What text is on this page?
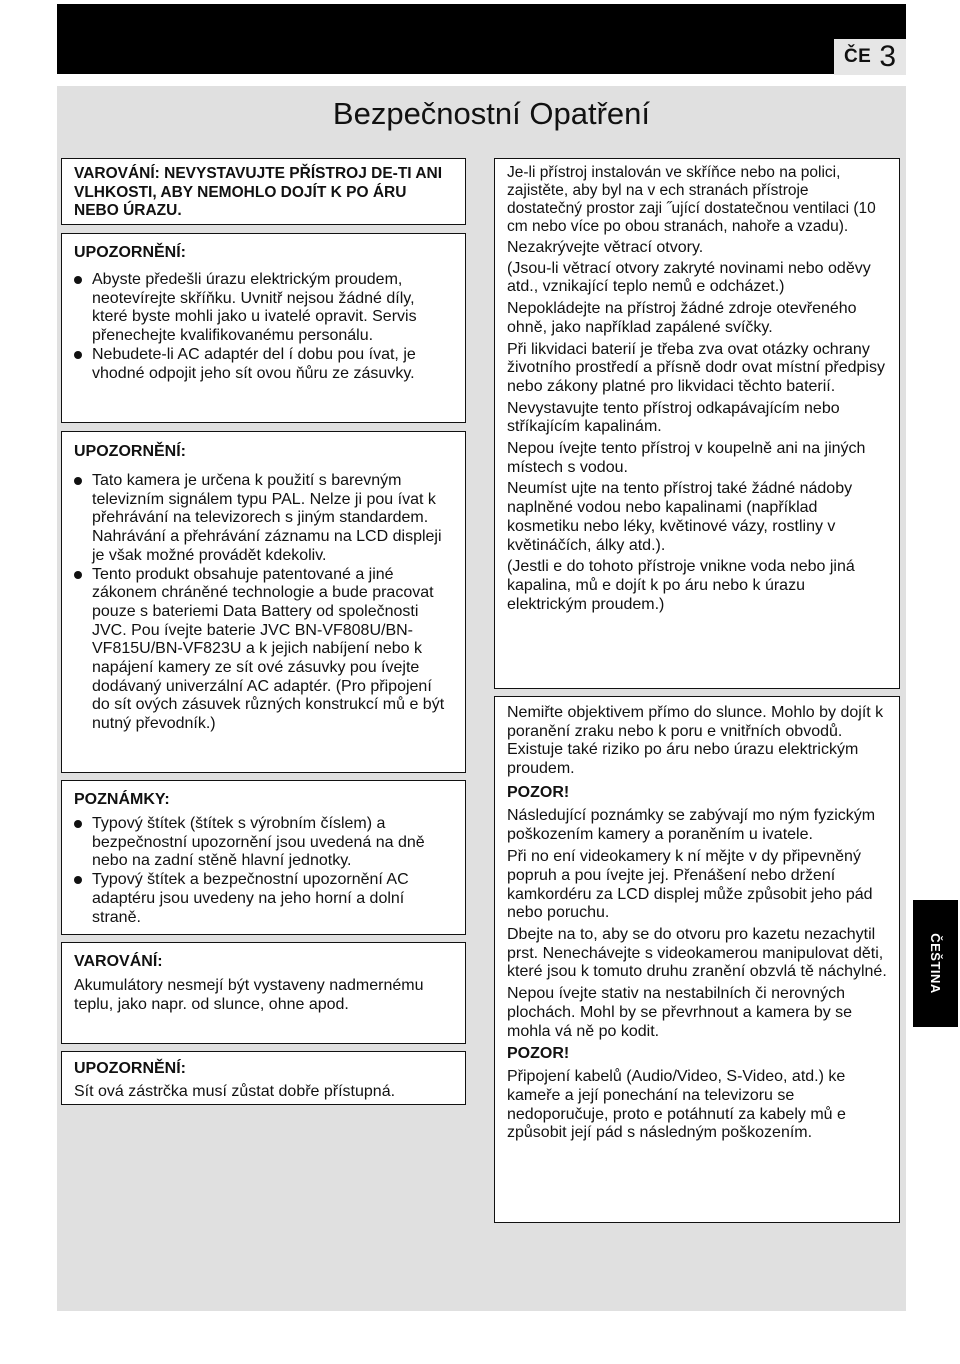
ČE 3
Bezpečnostní Opatření

VAROVÁNÍ: NEVYSTAVUJTE PŘÍSTROJ DE-TI ANI VLHKOSTI, ABY NEMOHLO DOJÍT K PO ÁRU NEBO ÚRAZU.

UPOZORNĚNÍ:
Abyste předešli úrazu elektrickým proudem, neotevírejte skříňku. Uvnitř nejsou žádné díly, které byste mohli jako u ivatelé opravit. Servis přenechejte kvalifikovanému personálu.
Nebudete-li AC adaptér del í dobu pou ívat, je vhodné odpojit jeho sít ovou ňůru ze zásuvky.
UPOZORNĚNÍ:
Tato kamera je určena k použití s barevným televizním signálem typu PAL. Nelze ji pou ívat k přehrávání na televizorech s jiným standardem. Nahrávání a přehrávání záznamu na LCD displeji je však možné provádět kdekoliv.
Tento produkt obsahuje patentované a jiné zákonem chráněné technologie a bude pracovat pouze s bateriemi Data Battery od společnosti JVC. Pou ívejte baterie JVC BN-VF808U/BN-VF815U/BN-VF823U a k jejich nabíjení nebo k napájení kamery ze sít ové zásuvky pou ívejte dodávaný univerzální AC adaptér. (Pro připojení do sít ových zásuvek různých konstrukcí mů e být nutný převodník.)
POZNÁMKY:
Typový štítek (štítek s výrobním číslem) a bezpečnostní upozornění jsou uvedená na dně nebo na zadní stěně hlavní jednotky.
Typový štítek a bezpečnostní upozornění AC adaptéru jsou uvedeny na jeho horní a dolní straně.
VAROVÁNÍ:

Akumulátory nesmejí být vystaveny nadmernému teplu, jako napr. od slunce, ohne apod.

UPOZORNĚNÍ:

Sít ová zástrčka musí zůstat dobře přístupná.

Je-li přístroj instalován ve skříňce nebo na polici, zajistěte, aby byl na v ech stranách přístroje dostatečný prostor zaji ˝ující dostatečnou ventilaci (10 cm nebo více po obou stranách, nahoře a vzadu).

Nezakrývejte větrací otvory.

(Jsou-li větrací otvory zakryté novinami nebo oděvy atd., vznikající teplo nemů e odcházet.)

Nepokládejte na přístroj žádné zdroje otevřeného ohně, jako například zapálené svíčky.

Při likvidaci baterií je třeba zva ovat otázky ochrany životního prostředí a přísně dodr ovat místní předpisy nebo zákony platné pro likvidaci těchto baterií.

Nevystavujte tento přístroj odkapávajícím nebo stříkajícím kapalinám.

Nepou ívejte tento přístroj v koupelně ani na jiných místech s vodou.

Neumíst ujte na tento přístroj také žádné nádoby naplněné vodou nebo kapalinami (například kosmetiku nebo léky, květinové vázy, rostliny v květináčích, álky atd.).

(Jestli e do tohoto přístroje vnikne voda nebo jiná kapalina, mů e dojít k po áru nebo k úrazu elektrickým proudem.)

Nemiřte objektivem přímo do slunce. Mohlo by dojít k poranění zraku nebo k poru e vnitřních obvodů. Existuje také riziko po áru nebo úrazu elektrickým proudem.

POZOR!

Následující poznámky se zabývají mo ným fyzickým poškozením kamery a poraněním u ivatele.

Při no ení videokamery k ní mějte v dy připevněný popruh a pou ívejte jej. Přenášení nebo držení kamkordéru za LCD displej může způsobit jeho pád nebo poruchu.

Dbejte na to, aby se do otvoru pro kazetu nezachytil prst. Nenechávejte s videokamerou manipulovat děti, které jsou k tomuto druhu zranění obzvlá tě náchylné.

Nepou ívejte stativ na nestabilních či nerovných plochách. Mohl by se převrhnout a kamera by se mohla vá ně po kodit.

POZOR!

Připojení kabelů (Audio/Video, S-Video, atd.) ke kameře a její ponechání na televizoru se nedoporučuje, proto e potáhnutí za kabely mů e způsobit její pád s následným poškozením.

ČEŠTINA
